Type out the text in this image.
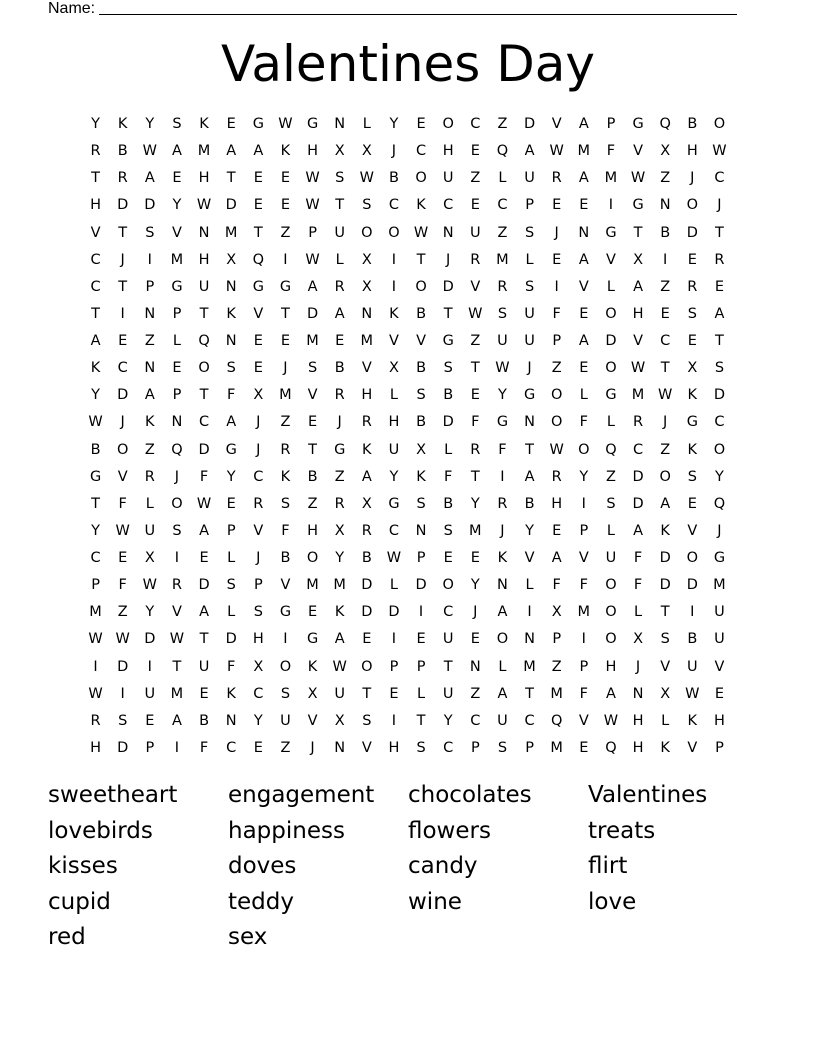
Name:
Valentines Day
Y	K	Y	S	K	E	G W G	N	L	Y	E	O	C	Z	D	V	A	P	G	Q	B	O
R	B	W	A	M	A	A	K	H	X	X	J	C	H	E	Q	A	W M	F	V	X	H	W
T	R	A	E	H	T	E	E	W	S	W	B	O	U	Z	L	U	R	A	M W	Z	J	C
H	D	D	Y	W D	E	E	W	T	S	C	K	C	E	C	P	E	E	I	G	N	O	J
V	T	S	V	N	M	T	Z	P	U	O	O W	N	U	Z	S	J	N	G	T	B	D	T
C	J	I	M	H	X	Q	I	W	L	X	I	T	J	R	M	L	E	A	V	X	I	E	R
C	T	P	G	U	N	G	G	A	R	X	I	O	D	V	R	S	I	V	L	A	Z	R	E
T	I	N	P	T	K	V	T	D	A	N	K	B	T	W	S	U	F	E	O	H	E	S	A
A	E	Z	L	Q	N	E	E	M	E	M	V	V	G	Z	U	U	P	A	D	V	C	E	T
K	C	N	E	O	S	E	J	S	B	V	X	B	S	T	W	J	Z	E	O W	T	X	S
Y	D	A	P	T	F	X	M	V	R	H	L	S	B	E	Y	G	O	L	G	M W	K	D
W	J	K	N	C	A	J	Z	E	J	R	H	B	D	F	G	N	O	F	L	R	J	G	C
B	O	Z	Q	D	G	J	R	T	G	K	U	X	L	R	F	T	W O	Q	C	Z	K	O
G	V	R	J	F	Y	C	K	B	Z	A	Y	K	F	T	I	A	R	Y	Z	D	O	S	Y
T	F	L	O W	E	R	S	Z	R	X	G	S	B	Y	R	B	H	I	S	D	A	E	Q
Y	W	U	S	A	P	V	F	H	X	R	C	N	S	M	J	Y	E	P	L	A	K	V	J
C	E	X	I	E	L	J	B	O	Y	B	W	P	E	E	K	V	A	V	U	F	D	O	G
P	F	W	R	D	S	P	V	M	M	D	L	D	O	Y	N	L	F	F	O	F	D	D	M
M	Z	Y	V	A	L	S	G	E	K	D	D	I	C	J	A	I	X	M	O	L	T	I	U
W W D W	T	D	H	I	G	A	E	I	E	U	E	O	N	P	I	O	X	S	B	U
I	D	I	T	U	F	X	O	K	W O	P	P	T	N	L	M	Z	P	H	J	V	U	V
W	I	U	M	E	K	C	S	X	U	T	E	L	U	Z	A	T	M	F	A	N	X	W	E
R	S	E	A	B	N	Y	U	V	X	S	I	T	Y	C	U	C	Q	V	W	H	L	K	H
H	D	P	I	F	C	E	Z	J	N	V	H	S	C	P	S	P	M	E	Q	H	K	V	P
sweetheart	engagement	chocolates	Valentines
lovebirds	happiness	flowers	treats
kisses	doves	candy	flirt
cupid	teddy	wine	love
red	sex
